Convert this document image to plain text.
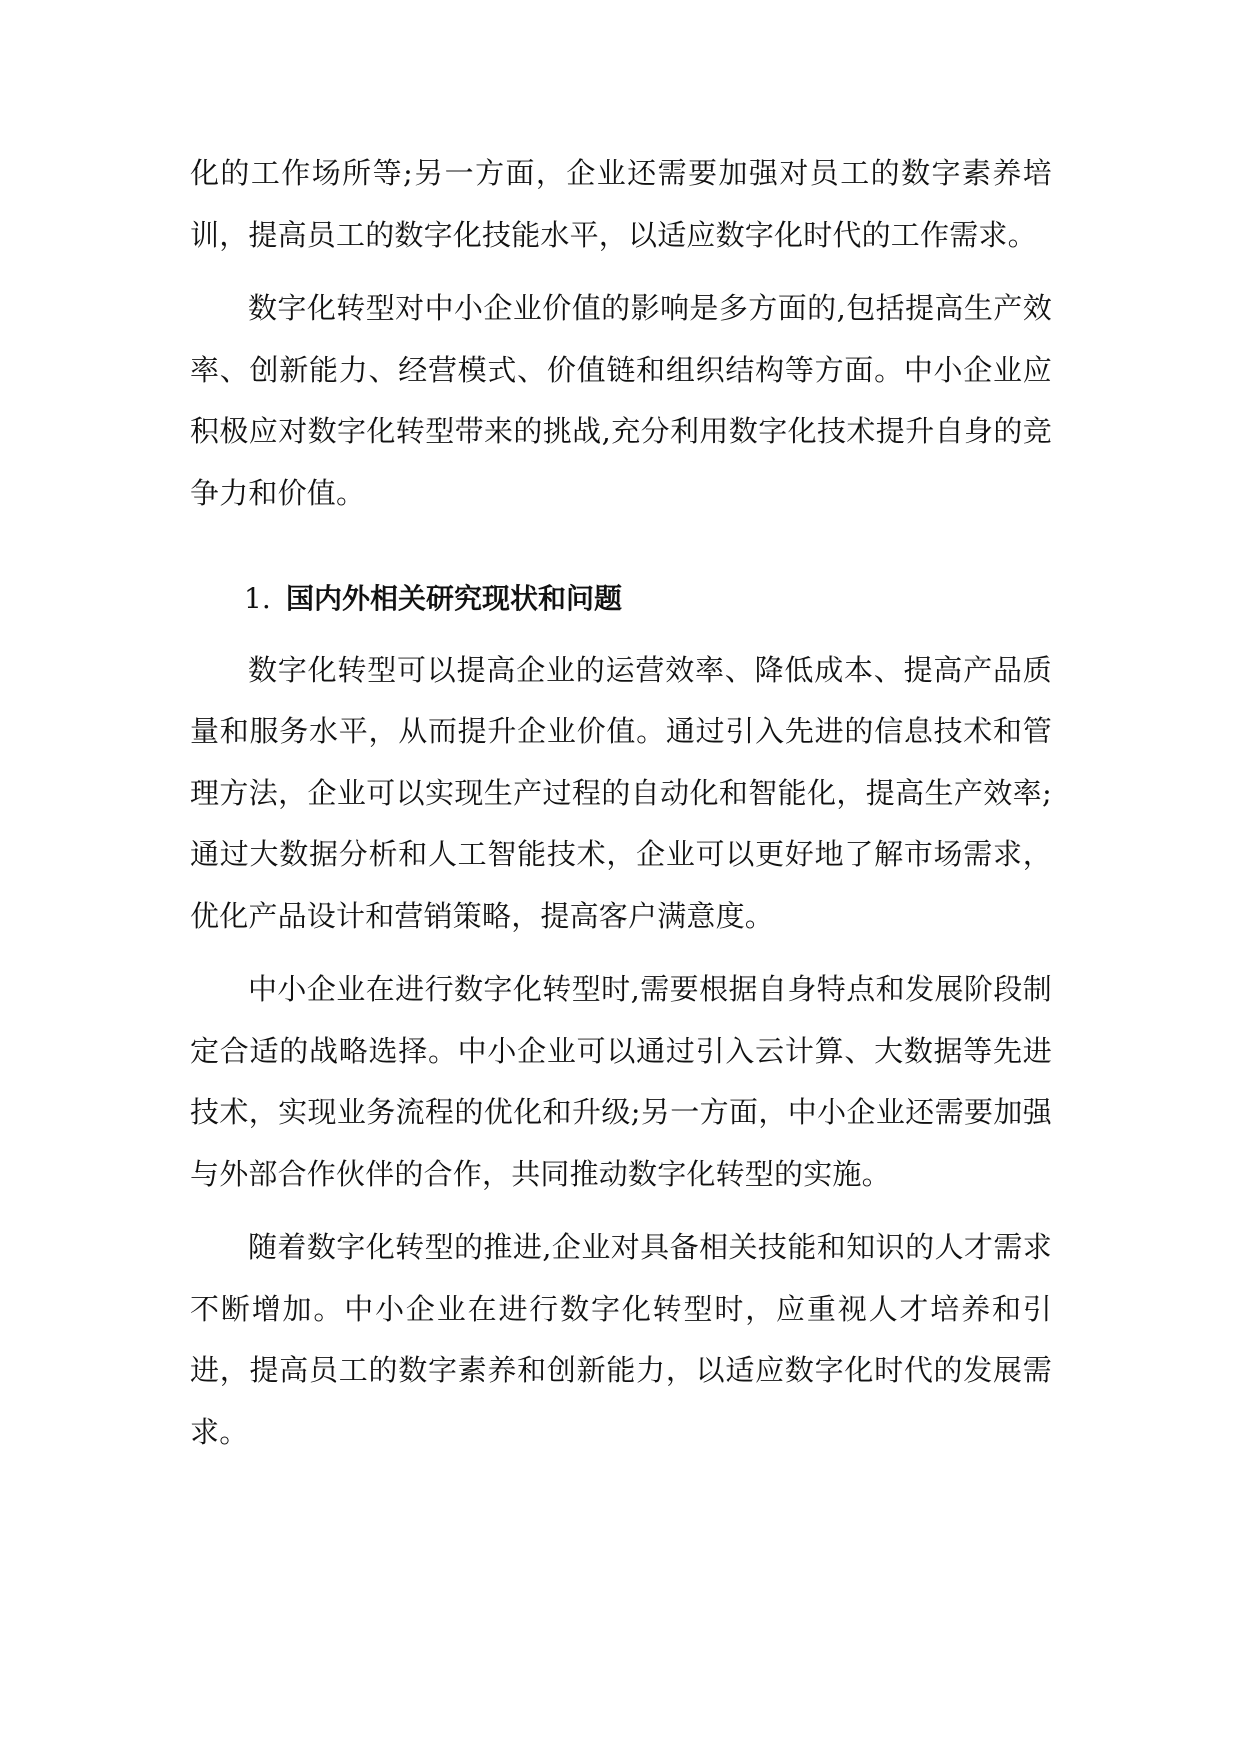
化的工作场所等;另一方面，企业还需要加强对员工的数字素养培训，提高员工的数字化技能水平，以适应数字化时代的工作需求。

数字化转型对中小企业价值的影响是多方面的,包括提高生产效率、创新能力、经营模式、价值链和组织结构等方面。中小企业应积极应对数字化转型带来的挑战,充分利用数字化技术提升自身的竞争力和价值。

1. 国内外相关研究现状和问题

数字化转型可以提高企业的运营效率、降低成本、提高产品质量和服务水平，从而提升企业价值。通过引入先进的信息技术和管理方法，企业可以实现生产过程的自动化和智能化，提高生产效率;通过大数据分析和人工智能技术，企业可以更好地了解市场需求，优化产品设计和营销策略，提高客户满意度。

中小企业在进行数字化转型时,需要根据自身特点和发展阶段制定合适的战略选择。中小企业可以通过引入云计算、大数据等先进技术，实现业务流程的优化和升级;另一方面，中小企业还需要加强与外部合作伙伴的合作，共同推动数字化转型的实施。

随着数字化转型的推进,企业对具备相关技能和知识的人才需求不断增加。中小企业在进行数字化转型时，应重视人才培养和引进，提高员工的数字素养和创新能力，以适应数字化时代的发展需求。
